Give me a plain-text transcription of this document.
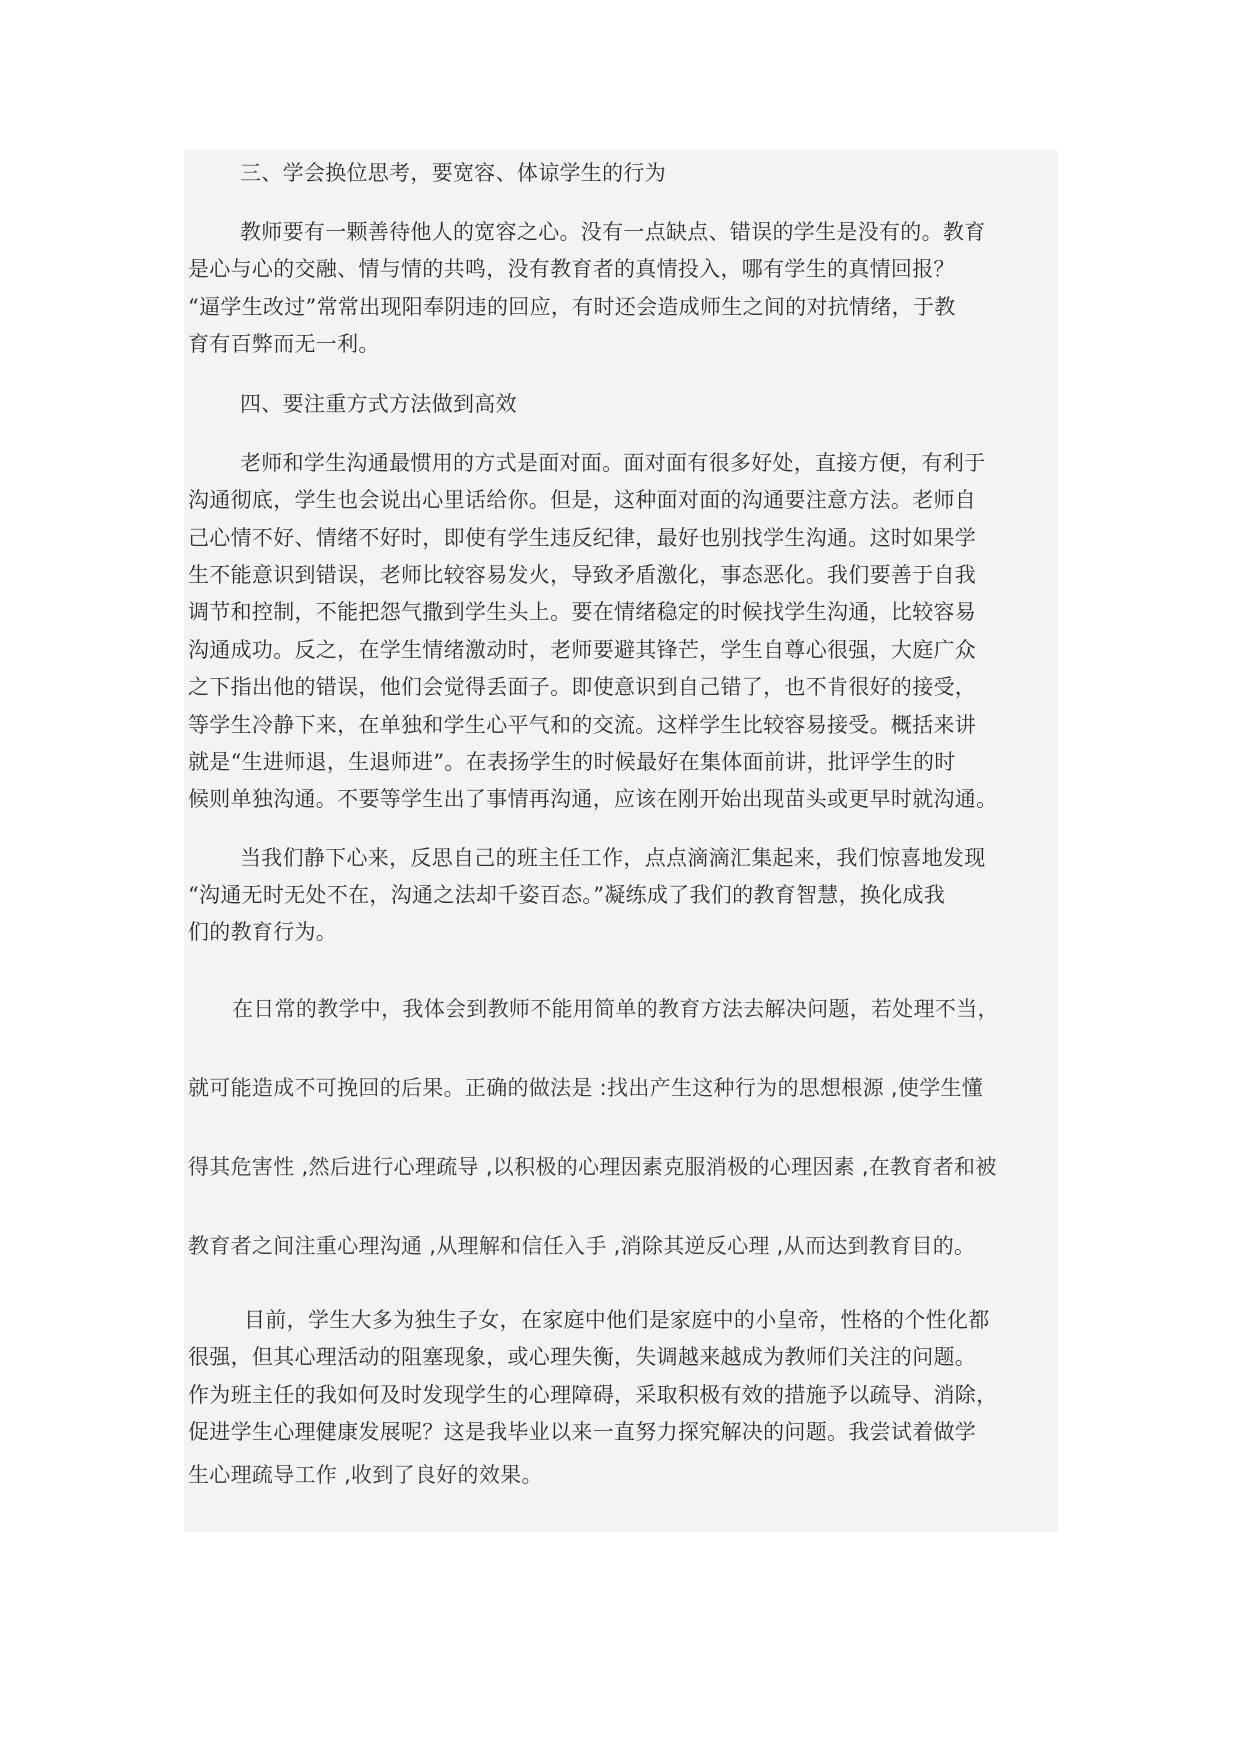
三、学会换位思考，要宽容、体谅学生的行为
教师要有一颗善待他人的宽容之心。没有一点缺点、错误的学生是没有的。教育
是心与心的交融、情与情的共鸣，没有教育者的真情投入，哪有学生的真情回报？
“逼学生改过”常常出现阳奉阴违的回应，有时还会造成师生之间的对抗情绪，于教
育有百弊而无一利。
四、要注重方式方法做到高效
老师和学生沟通最惯用的方式是面对面。面对面有很多好处，直接方便，有利于
沟通彻底，学生也会说出心里话给你。但是，这种面对面的沟通要注意方法。老师自
己心情不好、情绪不好时，即使有学生违反纪律，最好也别找学生沟通。这时如果学
生不能意识到错误，老师比较容易发火，导致矛盾激化，事态恶化。我们要善于自我
调节和控制，不能把怨气撒到学生头上。要在情绪稳定的时候找学生沟通，比较容易
沟通成功。反之，在学生情绪激动时，老师要避其锋芒，学生自尊心很强，大庭广众
之下指出他的错误，他们会觉得丢面子。即使意识到自己错了，也不肯很好的接受，
等学生冷静下来，在单独和学生心平气和的交流。这样学生比较容易接受。概括来讲
就是“生进师退，生退师进”。在表扬学生的时候最好在集体面前讲，批评学生的时
候则单独沟通。不要等学生出了事情再沟通，应该在刚开始出现苗头或更早时就沟通。
当我们静下心来，反思自己的班主任工作，点点滴滴汇集起来，我们惊喜地发现
“沟通无时无处不在，沟通之法却千姿百态。”凝练成了我们的教育智慧，换化成我
们的教育行为。
在日常的教学中，我体会到教师不能用简单的教育方法去解决问题，若处理不当，
就可能造成不可挽回的后果。正确的做法是 :找出产生这种行为的思想根源 ,使学生懂
得其危害性 ,然后进行心理疏导 ,以积极的心理因素克服消极的心理因素 ,在教育者和被
教育者之间注重心理沟通 ,从理解和信任入手 ,消除其逆反心理 ,从而达到教育目的。
目前，学生大多为独生子女，在家庭中他们是家庭中的小皇帝，性格的个性化都
很强，但其心理活动的阻塞现象，或心理失衡，失调越来越成为教师们关注的问题。
作为班主任的我如何及时发现学生的心理障碍，采取积极有效的措施予以疏导、消除，
促进学生心理健康发展呢？这是我毕业以来一直努力探究解决的问题。我尝试着做学
生心理疏导工作 ,收到了良好的效果。
